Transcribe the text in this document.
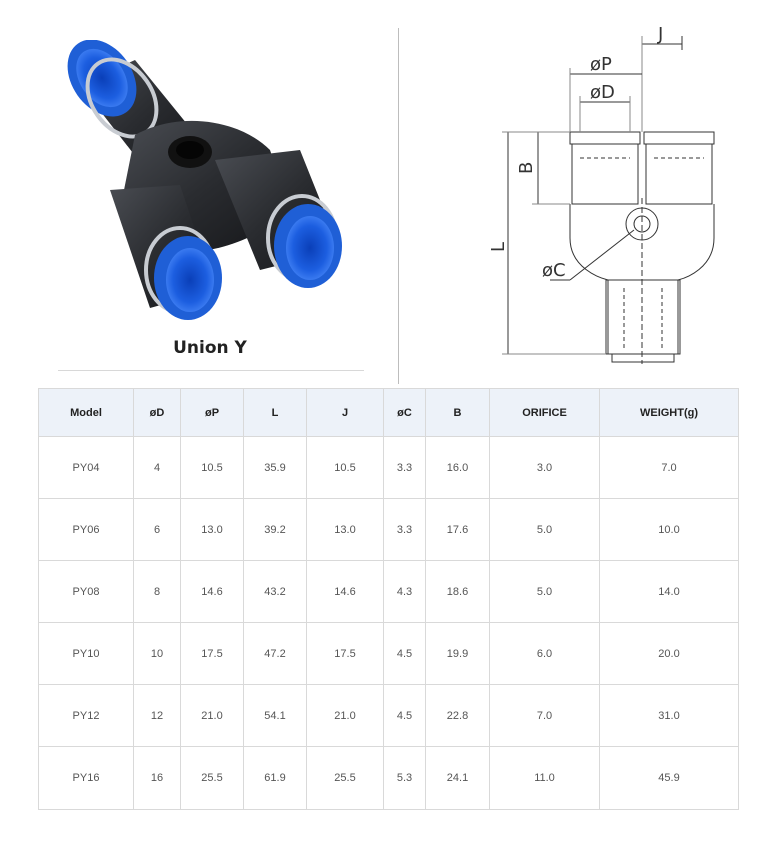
Union Y
J
øP
øD
B
L
øC
Model	øD	øP	L	J	øC	B	ORIFICE	WEIGHT(g)
PY04	4	10.5	35.9	10.5	3.3	16.0	3.0	7.0
PY06	6	13.0	39.2	13.0	3.3	17.6	5.0	10.0
PY08	8	14.6	43.2	14.6	4.3	18.6	5.0	14.0
PY10	10	17.5	47.2	17.5	4.5	19.9	6.0	20.0
PY12	12	21.0	54.1	21.0	4.5	22.8	7.0	31.0
PY16	16	25.5	61.9	25.5	5.3	24.1	11.0	45.9
